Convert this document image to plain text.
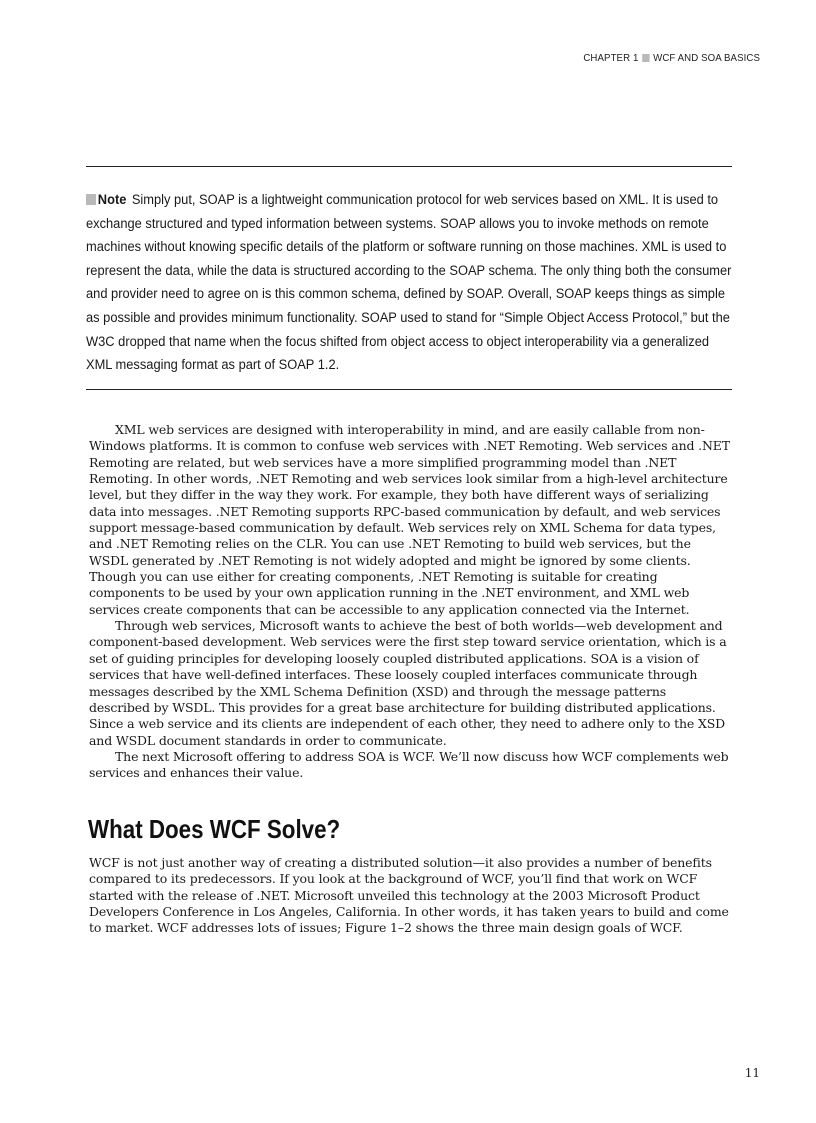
CHAPTER 1 WCF AND SOA BASICS
Note Simply put, SOAP is a lightweight communication protocol for web services based on XML. It is used to exchange structured and typed information between systems. SOAP allows you to invoke methods on remote machines without knowing specific details of the platform or software running on those machines. XML is used to represent the data, while the data is structured according to the SOAP schema. The only thing both the consumer and provider need to agree on is this common schema, defined by SOAP. Overall, SOAP keeps things as simple as possible and provides minimum functionality. SOAP used to stand for “Simple Object Access Protocol,” but the W3C dropped that name when the focus shifted from object access to object interoperability via a generalized XML messaging format as part of SOAP 1.2.

XML web services are designed with interoperability in mind, and are easily callable from non-Windows platforms. It is common to confuse web services with .NET Remoting. Web services and .NET Remoting are related, but web services have a more simplified programming model than .NET Remoting. In other words, .NET Remoting and web services look similar from a high-level architecture level, but they differ in the way they work. For example, they both have different ways of serializing data into messages. .NET Remoting supports RPC-based communication by default, and web services support message-based communication by default. Web services rely on XML Schema for data types, and .NET Remoting relies on the CLR. You can use .NET Remoting to build web services, but the WSDL generated by .NET Remoting is not widely adopted and might be ignored by some clients. Though you can use either for creating components, .NET Remoting is suitable for creating components to be used by your own application running in the .NET environment, and XML web services create components that can be accessible to any application connected via the Internet.

Through web services, Microsoft wants to achieve the best of both worlds—web development and component-based development. Web services were the first step toward service orientation, which is a set of guiding principles for developing loosely coupled distributed applications. SOA is a vision of services that have well-defined interfaces. These loosely coupled interfaces communicate through messages described by the XML Schema Definition (XSD) and through the message patterns described by WSDL. This provides for a great base architecture for building distributed applications. Since a web service and its clients are independent of each other, they need to adhere only to the XSD and WSDL document standards in order to communicate.

The next Microsoft offering to address SOA is WCF. We’ll now discuss how WCF complements web services and enhances their value.

What Does WCF Solve?

WCF is not just another way of creating a distributed solution—it also provides a number of benefits compared to its predecessors. If you look at the background of WCF, you’ll find that work on WCF started with the release of .NET. Microsoft unveiled this technology at the 2003 Microsoft Product Developers Conference in Los Angeles, California. In other words, it has taken years to build and come to market. WCF addresses lots of issues; Figure 1–2 shows the three main design goals of WCF.

11
